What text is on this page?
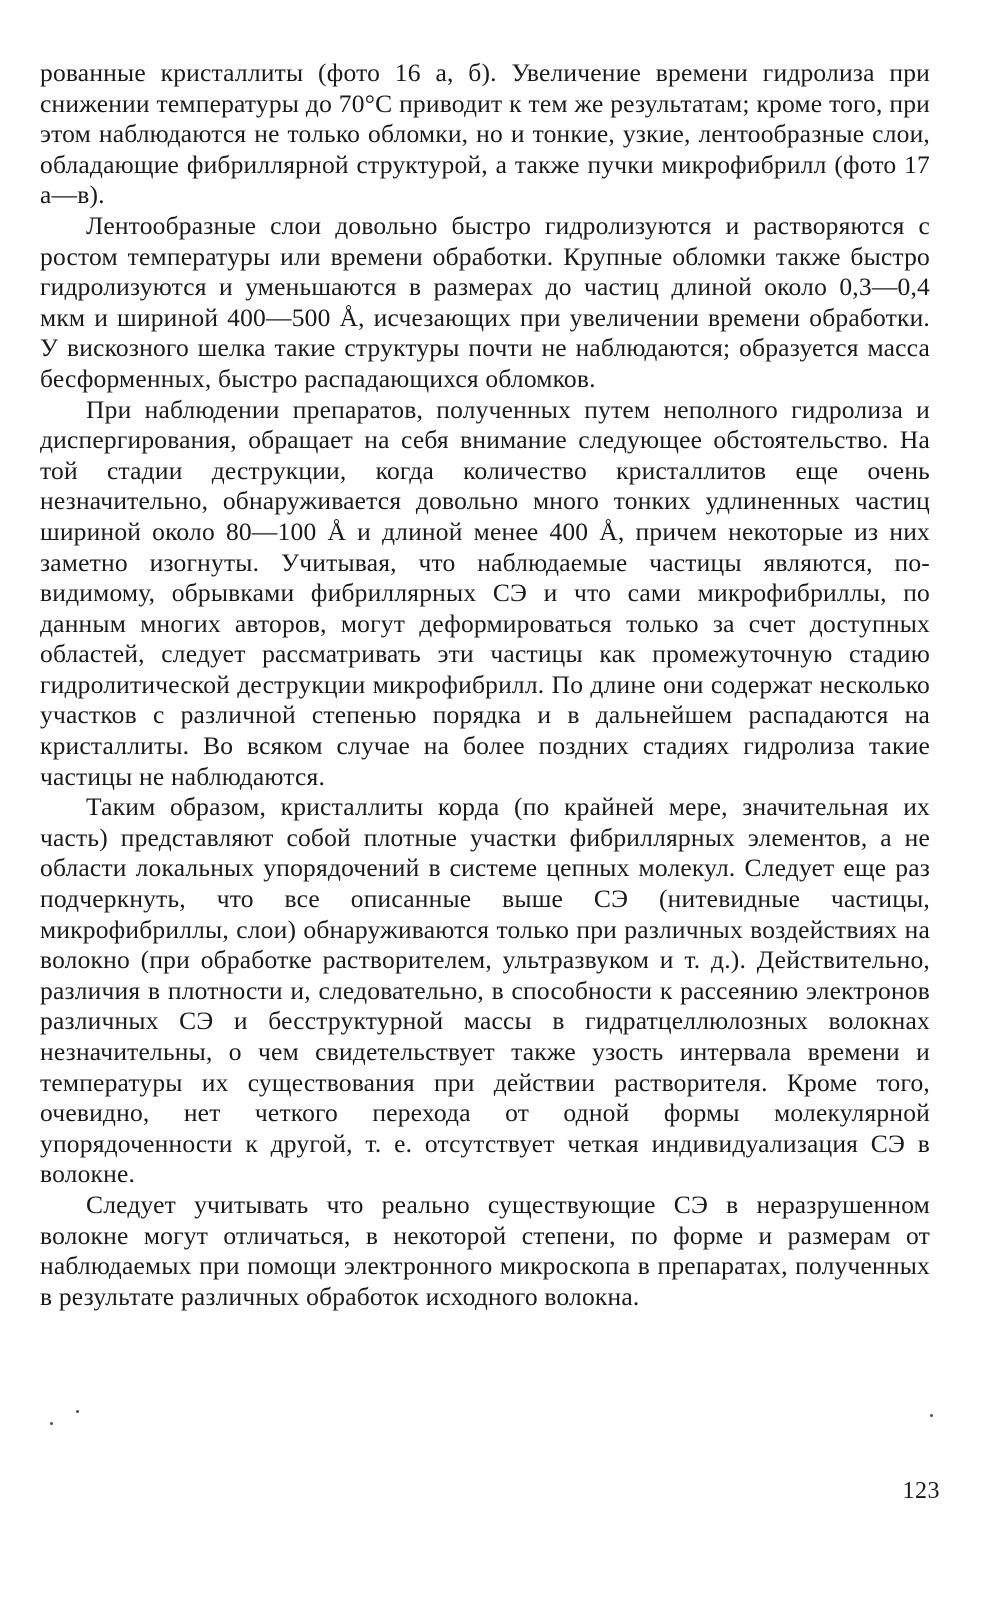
рованные кристаллиты (фото 16 а, б). Увеличение времени гидролиза при снижении температуры до 70°С приводит к тем же результатам; кроме того, при этом наблюдаются не только обломки, но и тонкие, узкие, лентообразные слои, обладающие фибриллярной структурой, а также пучки микрофибрилл (фото 17 а—в).

Лентообразные слои довольно быстро гидролизуются и растворяются с ростом температуры или времени обработки. Крупные обломки также быстро гидролизуются и уменьшаются в размерах до частиц длиной около 0,3—0,4 мкм и шириной 400—500 Å, исчезающих при увеличении времени обработки. У вискозного шелка такие структуры почти не наблюдаются; образуется масса бесформенных, быстро распадающихся обломков.

При наблюдении препаратов, полученных путем неполного гидролиза и диспергирования, обращает на себя внимание следующее обстоятельство. На той стадии деструкции, когда количество кристаллитов еще очень незначительно, обнаруживается довольно много тонких удлиненных частиц шириной около 80—100 Å и длиной менее 400 Å, причем некоторые из них заметно изогнуты. Учитывая, что наблюдаемые частицы являются, по-видимому, обрывками фибриллярных СЭ и что сами микрофибриллы, по данным многих авторов, могут деформироваться только за счет доступных областей, следует рассматривать эти частицы как промежуточную стадию гидролитической деструкции микрофибрилл. По длине они содержат несколько участков с различной степенью порядка и в дальнейшем распадаются на кристаллиты. Во всяком случае на более поздних стадиях гидролиза такие частицы не наблюдаются.

Таким образом, кристаллиты корда (по крайней мере, значительная их часть) представляют собой плотные участки фибриллярных элементов, а не области локальных упорядочений в системе цепных молекул. Следует еще раз подчеркнуть, что все описанные выше СЭ (нитевидные частицы, микрофибриллы, слои) обнаруживаются только при различных воздействиях на волокно (при обработке растворителем, ультразвуком и т. д.). Действительно, различия в плотности и, следовательно, в способности к рассеянию электронов различных СЭ и бесструктурной массы в гидратцеллюлозных волокнах незначительны, о чем свидетельствует также узость интервала времени и температуры их существования при действии растворителя. Кроме того, очевидно, нет четкого перехода от одной формы молекулярной упорядоченности к другой, т. е. отсутствует четкая индивидуализация СЭ в волокне.

Следует учитывать что реально существующие СЭ в неразрушенном волокне могут отличаться, в некоторой степени, по форме и размерам от наблюдаемых при помощи электронного микроскопа в препаратах, полученных в результате различных обработок исходного волокна.

123
